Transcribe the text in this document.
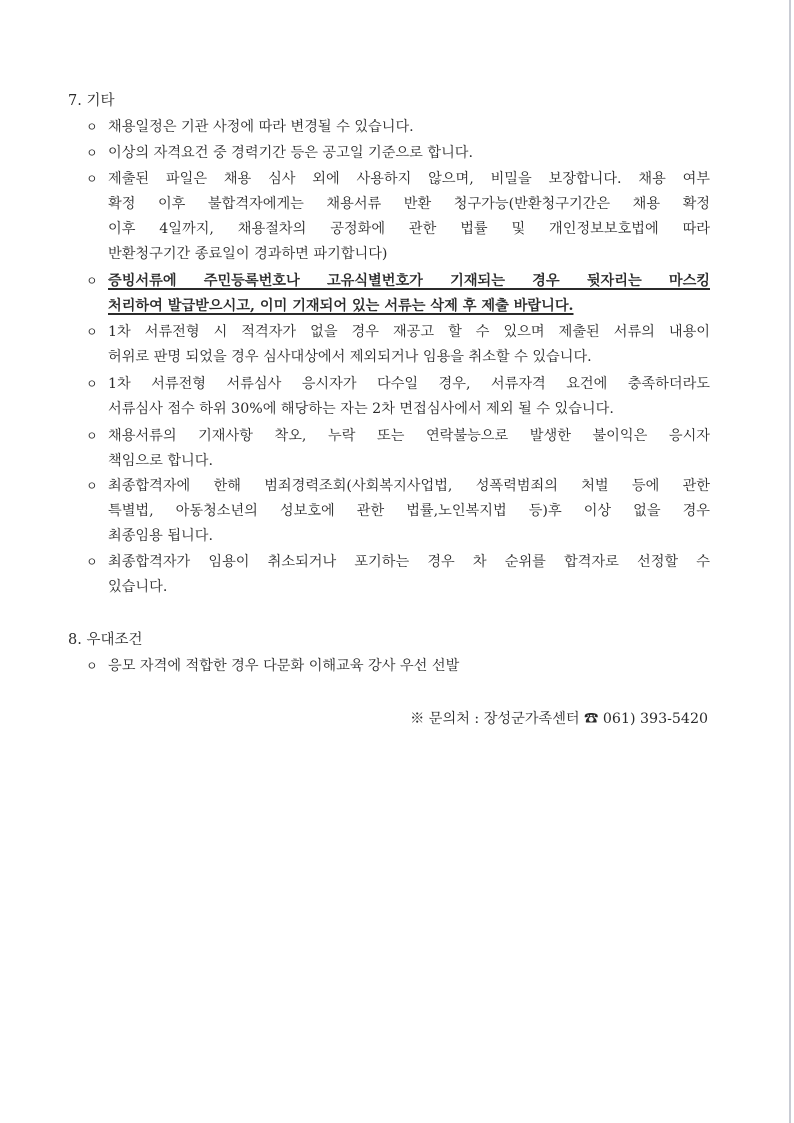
7. 기타
ㅇ 채용일정은 기관 사정에 따라 변경될 수 있습니다.
ㅇ 이상의 자격요건 중 경력기간 등은 공고일 기준으로 합니다.
ㅇ 제출된 파일은 채용 심사 외에 사용하지 않으며, 비밀을 보장합니다. 채용 여부
확정 이후 불합격자에게는 채용서류 반환 청구가능(반환청구기간은 채용 확정
이후 4일까지, 채용절차의 공정화에 관한 법률 및 개인정보보호법에 따라
반환청구기간 종료일이 경과하면 파기합니다)
ㅇ 증빙서류에 주민등록번호나 고유식별번호가 기재되는 경우 뒷자리는 마스킹
처리하여 발급받으시고, 이미 기재되어 있는 서류는 삭제 후 제출 바랍니다.
ㅇ 1차 서류전형 시 적격자가 없을 경우 재공고 할 수 있으며 제출된 서류의 내용이
허위로 판명 되었을 경우 심사대상에서 제외되거나 임용을 취소할 수 있습니다.
ㅇ 1차 서류전형 서류심사 응시자가 다수일 경우, 서류자격 요건에 충족하더라도
서류심사 점수 하위 30%에 해당하는 자는 2차 면접심사에서 제외 될 수 있습니다.
ㅇ 채용서류의 기재사항 착오, 누락 또는 연락불능으로 발생한 불이익은 응시자
책임으로 합니다.
ㅇ 최종합격자에 한해 범죄경력조회(사회복지사업법, 성폭력범죄의 처벌 등에 관한
특별법, 아동청소년의 성보호에 관한 법률,노인복지법 등)후 이상 없을 경우
최종임용 됩니다.
ㅇ 최종합격자가 임용이 취소되거나 포기하는 경우 차 순위를 합격자로 선정할 수
있습니다.
8. 우대조건
ㅇ 응모 자격에 적합한 경우 다문화 이해교육 강사 우선 선발
※ 문의처 : 장성군가족센터 ☎ 061) 393-5420
